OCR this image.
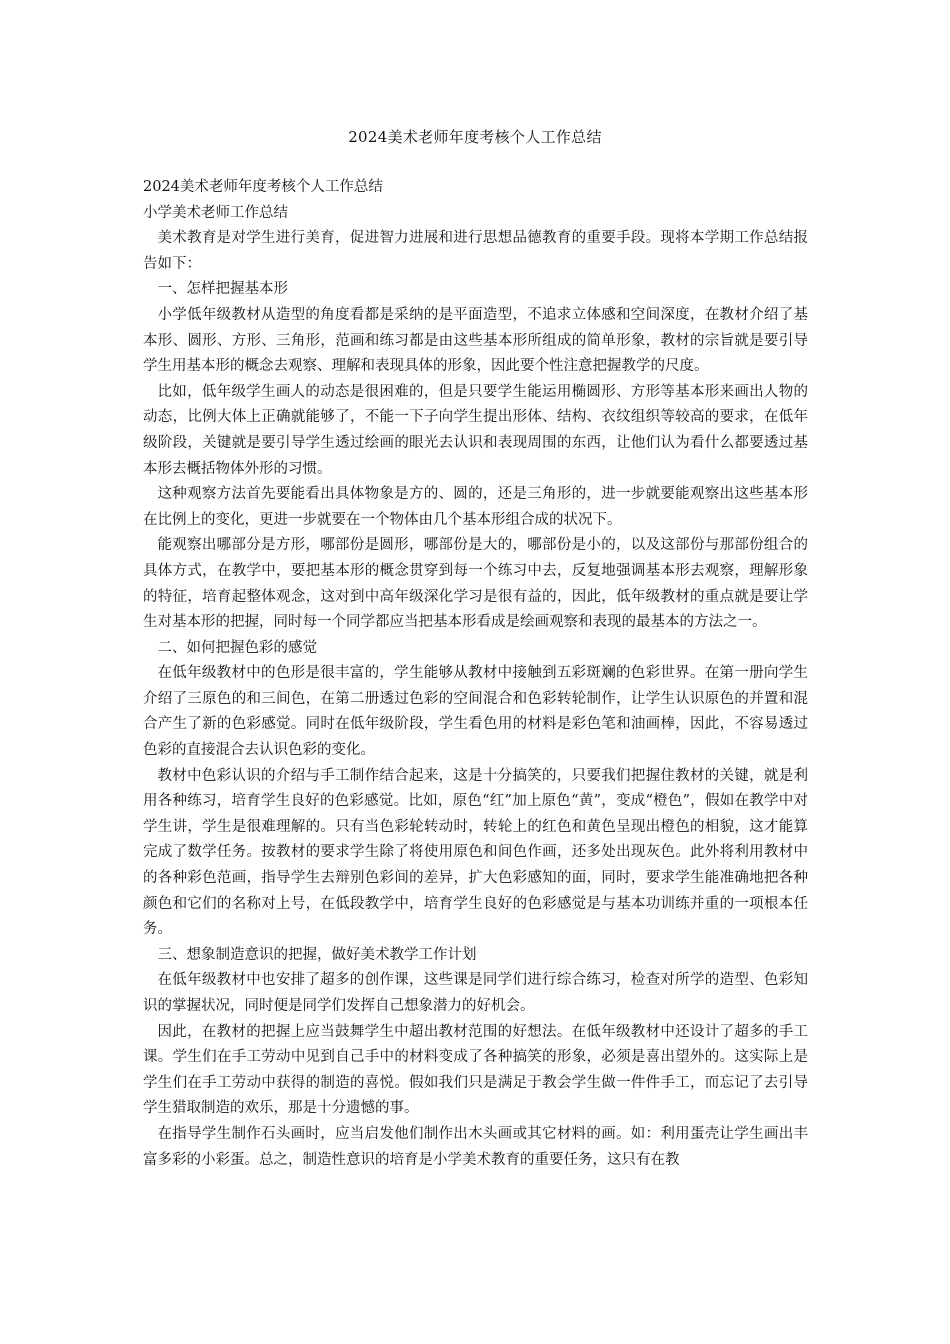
2024美术老师年度考核个人工作总结

2024美术老师年度考核个人工作总结

小学美术老师工作总结

美术教育是对学生进行美育，促进智力进展和进行思想品德教育的重要手段。现将本学期工作总结报告如下：

一、怎样把握基本形

小学低年级教材从造型的角度看都是采纳的是平面造型，不追求立体感和空间深度，在教材介绍了基本形、圆形、方形、三角形，范画和练习都是由这些基本形所组成的简单形象，教材的宗旨就是要引导学生用基本形的概念去观察、理解和表现具体的形象，因此要个性注意把握教学的尺度。

比如，低年级学生画人的动态是很困难的，但是只要学生能运用椭圆形、方形等基本形来画出人物的动态，比例大体上正确就能够了，不能一下子向学生提出形体、结构、衣纹组织等较高的要求，在低年级阶段，关键就是要引导学生透过绘画的眼光去认识和表现周围的东西，让他们认为看什么都要透过基本形去概括物体外形的习惯。

这种观察方法首先要能看出具体物象是方的、圆的，还是三角形的，进一步就要能观察出这些基本形在比例上的变化，更进一步就要在一个物体由几个基本形组合成的状况下。

能观察出哪部分是方形，哪部份是圆形，哪部份是大的，哪部份是小的，以及这部份与那部份组合的具体方式，在教学中，要把基本形的概念贯穿到每一个练习中去，反复地强调基本形去观察，理解形象的特征，培育起整体观念，这对到中高年级深化学习是很有益的，因此，低年级教材的重点就是要让学生对基本形的把握，同时每一个同学都应当把基本形看成是绘画观察和表现的最基本的方法之一。

二、如何把握色彩的感觉

在低年级教材中的色形是很丰富的，学生能够从教材中接触到五彩斑斓的色彩世界。在第一册向学生介绍了三原色的和三间色，在第二册透过色彩的空间混合和色彩转轮制作，让学生认识原色的并置和混合产生了新的色彩感觉。同时在低年级阶段，学生看色用的材料是彩色笔和油画棒，因此，不容易透过色彩的直接混合去认识色彩的变化。

教材中色彩认识的介绍与手工制作结合起来，这是十分搞笑的，只要我们把握住教材的关键，就是利用各种练习，培育学生良好的色彩感觉。比如，原色“红”加上原色“黄”，变成“橙色”，假如在教学中对学生讲，学生是很难理解的。只有当色彩轮转动时，转轮上的红色和黄色呈现出橙色的相貌，这才能算完成了数学任务。按教材的要求学生除了将使用原色和间色作画，还多处出现灰色。此外将利用教材中的各种彩色范画，指导学生去辩别色彩间的差异，扩大色彩感知的面，同时，要求学生能准确地把各种颜色和它们的名称对上号，在低段教学中，培育学生良好的色彩感觉是与基本功训练并重的一项根本任务。

三、想象制造意识的把握，做好美术教学工作计划

在低年级教材中也安排了超多的创作课，这些课是同学们进行综合练习，检查对所学的造型、色彩知识的掌握状况，同时便是同学们发挥自己想象潜力的好机会。

因此，在教材的把握上应当鼓舞学生中超出教材范围的好想法。在低年级教材中还设计了超多的手工课。学生们在手工劳动中见到自己手中的材料变成了各种搞笑的形象，必须是喜出望外的。这实际上是学生们在手工劳动中获得的制造的喜悦。假如我们只是满足于教会学生做一件件手工，而忘记了去引导学生猎取制造的欢乐，那是十分遗憾的事。

在指导学生制作石头画时，应当启发他们制作出木头画或其它材料的画。如：利用蛋壳让学生画出丰富多彩的小彩蛋。总之，制造性意识的培育是小学美术教育的重要任务，这只有在教
